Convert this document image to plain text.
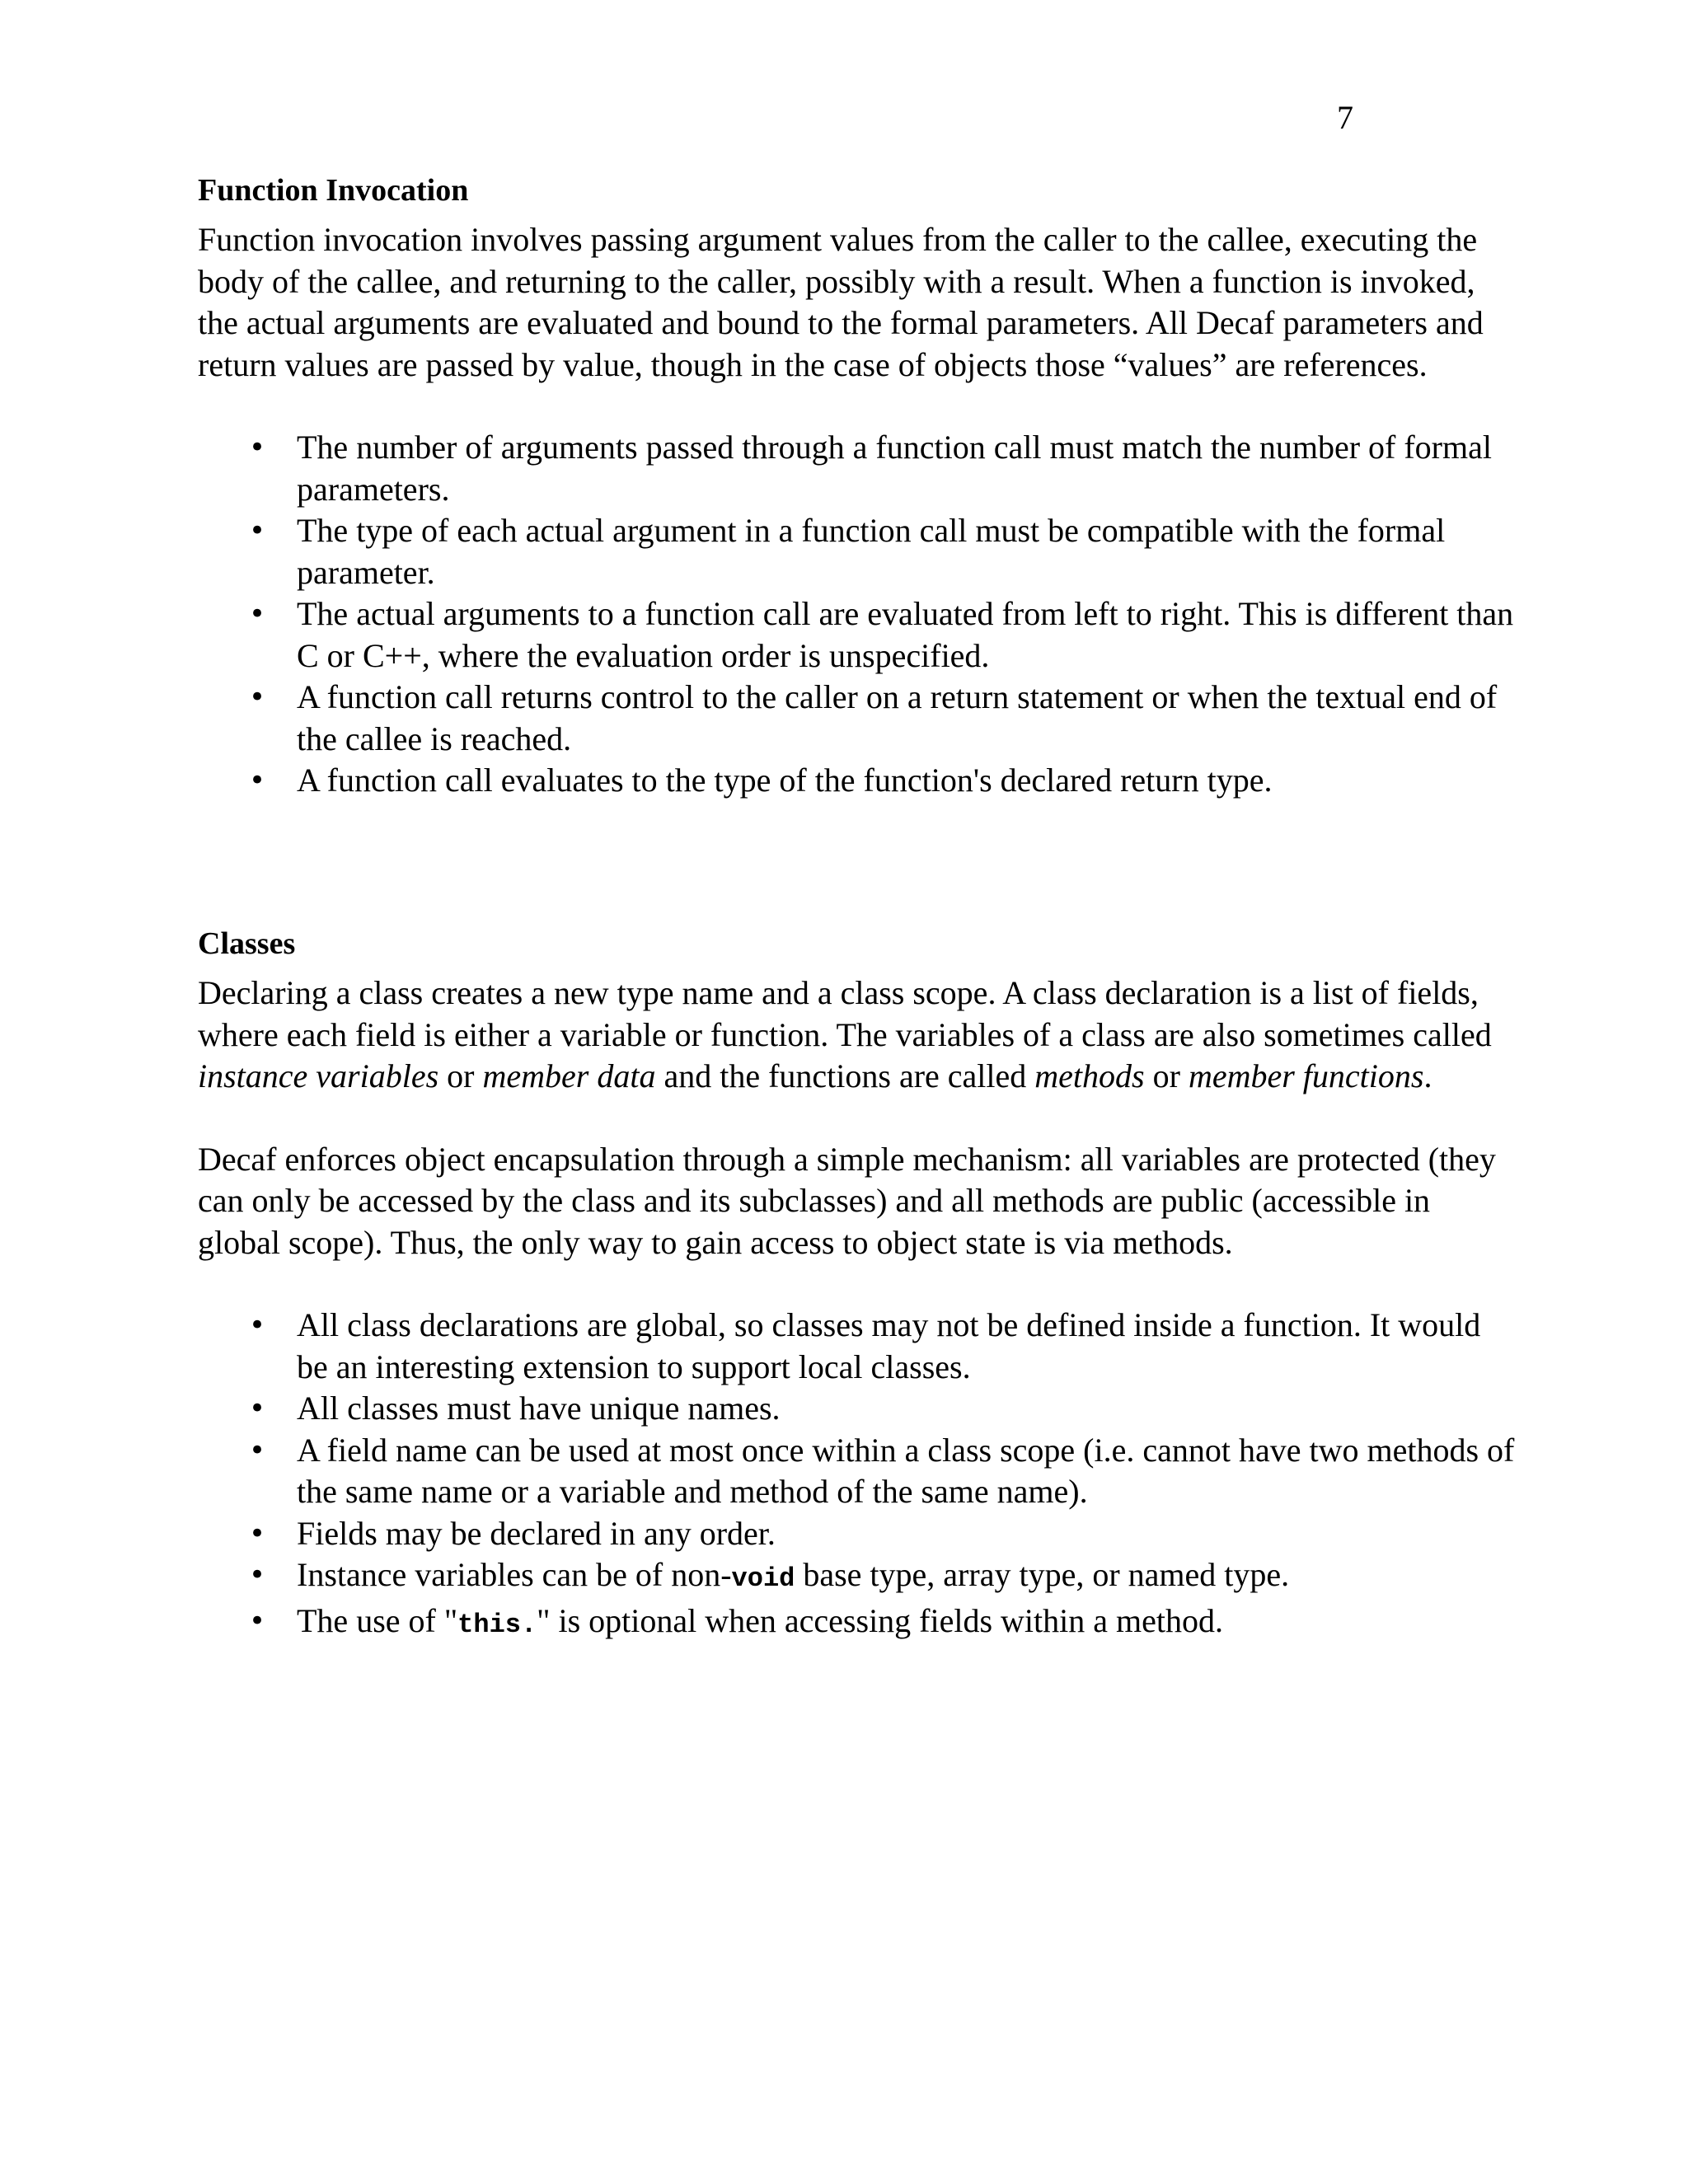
7
Function Invocation

Function invocation involves passing argument values from the caller to the callee, executing the body of the callee, and returning to the caller, possibly with a result. When a function is invoked, the actual arguments are evaluated and bound to the formal parameters. All Decaf parameters and return values are passed by value, though in the case of objects those “values” are references.

• The number of arguments passed through a function call must match the number of formal parameters.
• The type of each actual argument in a function call must be compatible with the formal parameter.
• The actual arguments to a function call are evaluated from left to right. This is different than C or C++, where the evaluation order is unspecified.
• A function call returns control to the caller on a return statement or when the textual end of the callee is reached.
• A function call evaluates to the type of the function's declared return type.
Classes

Declaring a class creates a new type name and a class scope. A class declaration is a list of fields, where each field is either a variable or function. The variables of a class are also sometimes called instance variables or member data and the functions are called methods or member functions.

Decaf enforces object encapsulation through a simple mechanism: all variables are protected (they can only be accessed by the class and its subclasses) and all methods are public (accessible in global scope). Thus, the only way to gain access to object state is via methods.

• All class declarations are global, so classes may not be defined inside a function. It would be an interesting extension to support local classes.
• All classes must have unique names.
• A field name can be used at most once within a class scope (i.e. cannot have two methods of the same name or a variable and method of the same name).
• Fields may be declared in any order.
• Instance variables can be of non-void base type, array type, or named type.
• The use of "this." is optional when accessing fields within a method.
